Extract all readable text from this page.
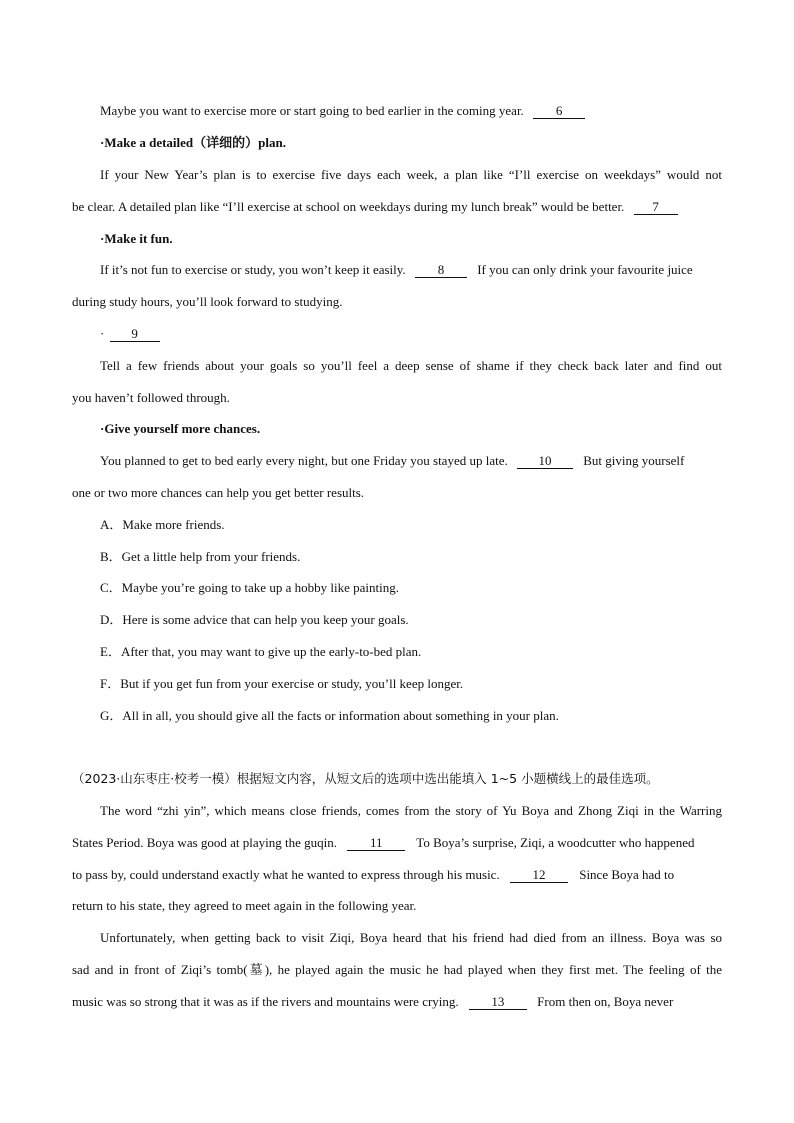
Maybe you want to exercise more or start going to bed earlier in the coming year. 6
·Make a detailed（详细的）plan.
If your New Year’s plan is to exercise five days each week, a plan like “I’ll exercise on weekdays” would not
be clear. A detailed plan like “I’ll exercise at school on weekdays during my lunch break” would be better. 7
·Make it fun.
If it’s not fun to exercise or study, you won’t keep it easily. 8	If you can only drink your favourite juice
during study hours, you’ll look forward to studying.
· 9
Tell a few friends about your goals so you’ll feel a deep sense of shame if they check back later and find out
you haven’t followed through.
·Give yourself more chances.
You planned to get to bed early every night, but one Friday you stayed up late. 10 But giving yourself
one or two more chances can help you get better results.
A．Make more friends.
B．Get a little help from your friends.
C．Maybe you’re going to take up a hobby like painting.
D．Here is some advice that can help you keep your goals.
E．After that, you may want to give up the early-to-bed plan.
F．But if you get fun from your exercise or study, you’ll keep longer.
G．All in all, you should give all the facts or information about something in your plan.
（2023·山东枣庄·校考一模）根据短文内容，从短文后的选项中选出能填入 1~5 小题横线上的最佳选项。
The word “zhi yin”, which means close friends, comes from the story of Yu Boya and Zhong Ziqi in the Warring
States Period. Boya was good at playing the guqin.	11	To Boya’s surprise, Ziqi, a woodcutter who happened
to pass by, could understand exactly what he wanted to express through his music.	12	Since Boya had to
return to his state, they agreed to meet again in the following year.
Unfortunately, when getting back to visit Ziqi, Boya heard that his friend had died from an illness. Boya was so
sad and in front of Ziqi’s tomb(墓), he played again the music he had played when they first met. The feeling of the
music was so strong that it was as if the rivers and mountains were crying.	13	From then on, Boya never
